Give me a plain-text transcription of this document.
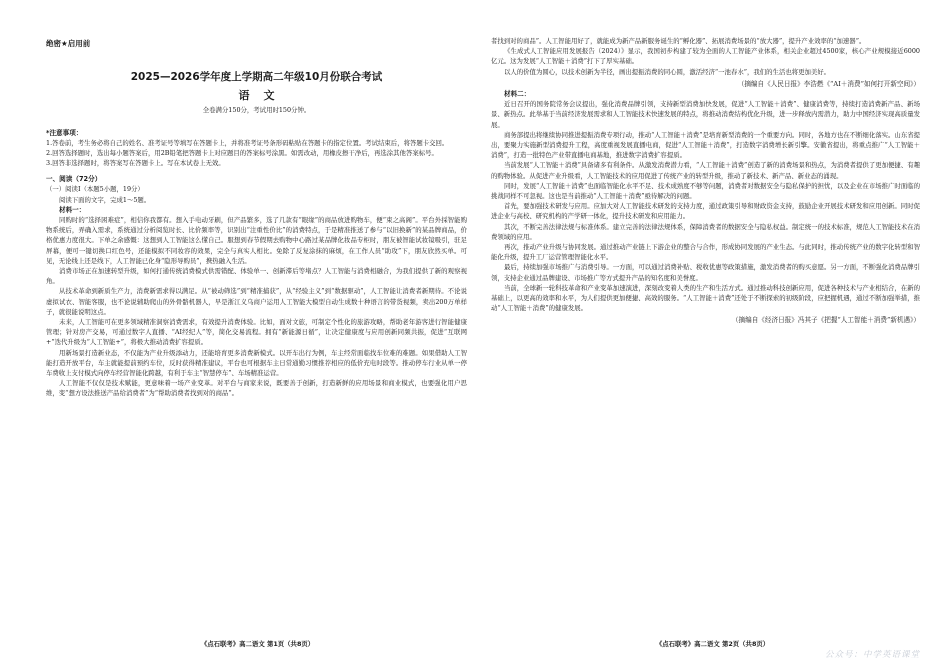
绝密★启用前

2025—2026学年度上学期高二年级10月份联合考试

语文

全卷满分150分，考试用时150分钟。

*注意事项：

1.答卷前，考生务必将自己的姓名、准考证号等填写在答题卡上，并将准考证号条形码粘贴在答题卡的指定位置。考试结束后，将答题卡交回。

2.回答选择题时，选出每小题答案后，用2B铅笔把答题卡上对应题目的答案标号涂黑。如需改动，用橡皮擦干净后，再选涂其他答案标号。

3.回答非选择题时，将答案写在答题卡上。写在本试卷上无效。

一、阅读（72分）

（一）阅读Ⅰ（本题5小题，19分）

阅读下面的文字，完成1～5题。

材料一：

同购时的“选择困难症”，相信你我都有。想入手电动牙刷，但产品繁多，选了几款有“眼缘”的商品放进购物车，便“束之高阁”。平台外採智能购物系统后，弄确入需求，系统通过分析阅览时长、比价频率等，识别出“注重性价比”的消费特点，于是精准推送了参与“以旧换新”的某品牌商品，价格优惠力度很大。下单之余感慨：这想到人工智能这么懂自己。服想到春节假期去购物中心路过某品牌化妆品专柜时，朋友被智能试妆镜吸引，驻足屏幕，便可一键切换口红色号，还能模拟不同妆容的效果，完全与真实人相比。免除了反复涂抹的麻烦，在工作人员“助攻”下，朋友欣然买单。可见，无论线上还是线下，人工智能已化身“隐形导购员”，携热融入生活。

消费市场正在加速转型升级，如何打通传统消费模式供需错配、体验单一、创新滞后等堵点？人工智能与消费相融合，为我们提供了新的观察视角。

从技术革命到新质生产力，消费新需求得以满足。从“被动筛选”到“精准捕获”，从“经验主义”到“数据驱动”，人工智能让消费者新期待。不论说虚拟试衣、智能客服，也不论说辅助爬山的外骨骼机器人，早是浙江义乌商户运用人工智能大模型自动生成数十种语言的带货视频，卖出200万单样子，就很能说明这点。

未来，人工智能可在更多领域精准洞察消费需求，有效提升消费体验。比如，面对文旅，可制定个性化的旅游攻略，帮助老年游客进行智能健康管理；针对房产交易，可通过数字人直播、“AI经纪人”等，简化交易流程。拥有“新能源日循”，让决定健康度与应用创新同频共振，促进“互联网+”迭代升级为“人工智能+”，将极大推动消费扩容提质。

用新场景打造新业态，不仅能为产业升级添动力，还能培育更多消费新模式。以开车出行为例，车主经常面临找车位难的难题。如果借助人工智能打造开放平台，车主就能提前预约车位，反时获得精准建议，平台也可根据车主日常通勤习惯推荐相应的低价充电时段等。推动停车行业从单一停车费收上支付模式向停车经营智能化跨越，有利于车主“智慧停车”、车场精准运营。

人工智能不仅仅是技术赋能，更意味着一场产业变革。对平台与商家来说，既要善于创新，打造新鲜的应用场景和商业模式，也要强化用户思维，变“想方设法推送产品给消费者”为“帮助消费者找到对的商品”。

《点石联考》高二语文 第1页（共8页）

者找到对的商品”。人工智能用好了，就能成为新产品新服务诞生的“孵化器”、拓展消费场景的“放大器”，提升产业效率的“加速器”。

《生成式人工智能应用发展报告（2024）》显示，我国初步构建了较为全面的人工智能产业体系，相关企业超过4500家，核心产业规模接近6000亿元。这为发展“人工智能＋消费”打下了厚实基础。

以人的价值为圆心，以技术创新为半径，画出提振消费的同心圆，激活经济“一池春水”，我们的生活也将更加美好。

（摘编自《人民日报》李浩燃《“AI＋消费”如何打开新空间》）

材料二：

近日召开的国务院常务会议提出，强化消费品牌引领，支持新型消费加快发展，促进“人工智能＋消费”、健康消费等，持续打造消费新产品、新场景、新热点。此举基于当前经济发展需求和人工智能技术快速发展的特点，将推动消费结构优化升级，进一步释放内需潜力，助力中国经济实现高质量发展。

商务部提出将继续协同推进提振消费专项行动，推动“人工智能＋消费”是培育新型消费的一个重要方向。同时，各地方也在不断细化落实。山东省提出，要聚力实施新型消费提升工程，高度重视发展直播电商，促进“人工智能＋消费”，打造数字消费增长新引擎。安徽省提出，将重点推广“人工智能＋消费”，打造一批特色产业带直播电商基地，推进数字消费扩容提质。

当前发展“人工智能＋消费”具备诸多有利条件。从激发消费潜力看，“人工智能＋消费”创造了新的消费场景和热点，为消费者提供了更加便捷、有趣的购物体验。从促进产业升级看，人工智能技术的应用促进了传统产业的转型升级，推动了新技术、新产品、新业态的涌现。

同时，发展“人工智能＋消费”也面临智能化水平不足、技术成熟度不够等问题，消费者对数据安全与隐私保护的担忧，以及企业在市场推广时面临的挑战同样不可忽视。这也是当前推动“人工智能＋消费”亟待解决的问题。

首先，要加强技术研发与应用。应加大对人工智能技术研发的支持力度，通过政策引导和财政资金支持，鼓励企业开展技术研发和应用创新。同时促进企业与高校、研究机构的产学研一体化，提升技术研发和应用能力。

其次，不断完善法律法规与标准体系。建立完善的法律法规体系，保障消费者的数据安全与隐私权益。制定统一的技术标准，规范人工智能技术在消费领域的应用。

再次，推动产业升级与协同发展。通过推动产业链上下游企业的整合与合作，形成协同发展的产业生态。与此同时，推动传统产业的数字化转型和智能化升级，提升工厂运营管理智能化水平。

最后，持续加强市场推广与消费引导。一方面，可以通过消费补贴、税收优惠等政策措施，激发消费者的购买意愿。另一方面，不断强化消费品牌引领，支持企业通过品牌建设、市场推广等方式提升产品的知名度和美誉度。

当前，全球新一轮科技革命和产业变革加速演进，深刻改变着人类的生产和生活方式。通过推动科技创新应用，促进各种技术与产业相结合，在新的基础上，以更高的效率和水平，为人们提供更加便捷、高效的服务。“人工智能＋消费”还处于不断探索的初级阶段，应把握机遇，通过不断加强举措，推动“人工智能＋消费”的健康发展。

（摘编自《经济日报》冯其子《把握“人工智能＋消费”新机遇》）

《点石联考》高二语文 第2页（共8页）
公众号：中学英语课堂
